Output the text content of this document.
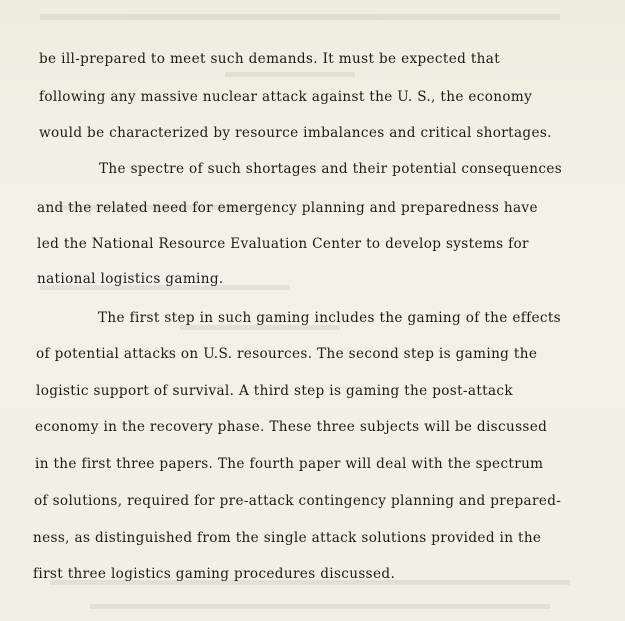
be ill-prepared to meet such demands. It must be expected that
following any massive nuclear attack against the U. S., the economy
would be characterized by resource imbalances and critical shortages.
The spectre of such shortages and their potential consequences
and the related need for emergency planning and preparedness have
led the National Resource Evaluation Center to develop systems for
national logistics gaming.
The first step in such gaming includes the gaming of the effects
of potential attacks on U.S. resources. The second step is gaming the
logistic support of survival. A third step is gaming the post-attack
economy in the recovery phase. These three subjects will be discussed
in the first three papers. The fourth paper will deal with the spectrum
of solutions, required for pre-attack contingency planning and prepared-
ness, as distinguished from the single attack solutions provided in the
first three logistics gaming procedures discussed.
